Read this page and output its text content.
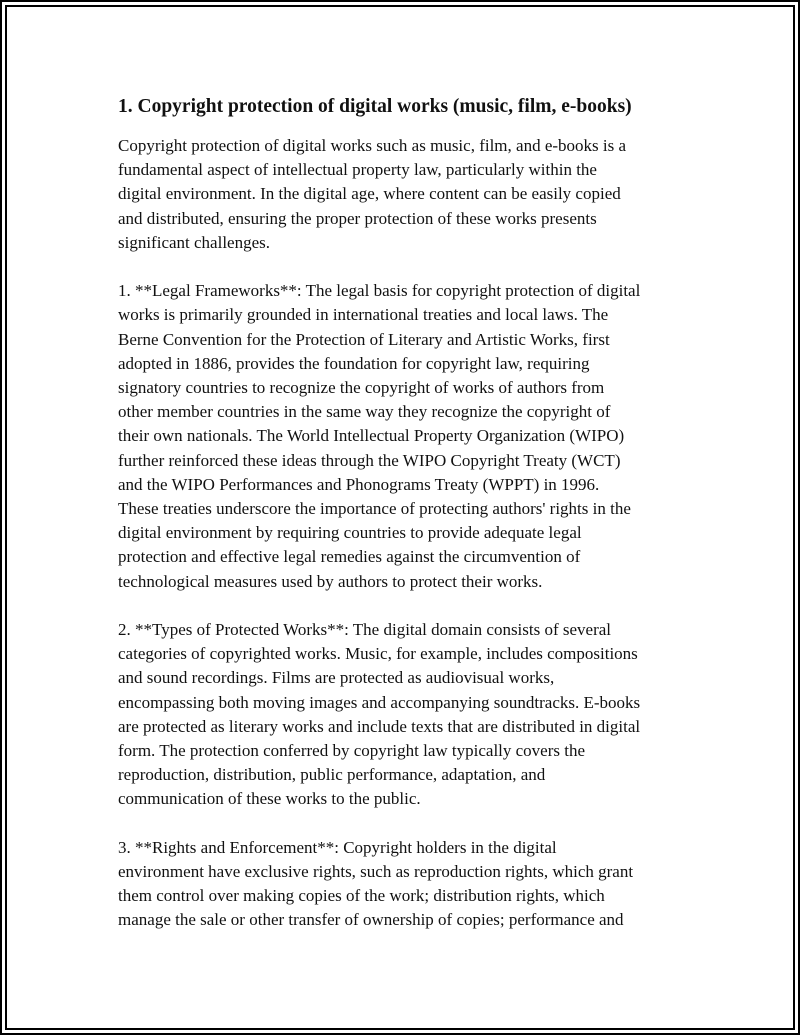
1. Copyright protection of digital works (music, film, e-books)
Copyright protection of digital works such as music, film, and e-books is a
fundamental aspect of intellectual property law, particularly within the
digital environment. In the digital age, where content can be easily copied
and distributed, ensuring the proper protection of these works presents
significant challenges.
1. **Legal Frameworks**: The legal basis for copyright protection of digital
works is primarily grounded in international treaties and local laws. The
Berne Convention for the Protection of Literary and Artistic Works, first
adopted in 1886, provides the foundation for copyright law, requiring
signatory countries to recognize the copyright of works of authors from
other member countries in the same way they recognize the copyright of
their own nationals. The World Intellectual Property Organization (WIPO)
further reinforced these ideas through the WIPO Copyright Treaty (WCT)
and the WIPO Performances and Phonograms Treaty (WPPT) in 1996.
These treaties underscore the importance of protecting authors' rights in the
digital environment by requiring countries to provide adequate legal
protection and effective legal remedies against the circumvention of
technological measures used by authors to protect their works.
2. **Types of Protected Works**: The digital domain consists of several
categories of copyrighted works. Music, for example, includes compositions
and sound recordings. Films are protected as audiovisual works,
encompassing both moving images and accompanying soundtracks. E-books
are protected as literary works and include texts that are distributed in digital
form. The protection conferred by copyright law typically covers the
reproduction, distribution, public performance, adaptation, and
communication of these works to the public.
3. **Rights and Enforcement**: Copyright holders in the digital
environment have exclusive rights, such as reproduction rights, which grant
them control over making copies of the work; distribution rights, which
manage the sale or other transfer of ownership of copies; performance and
